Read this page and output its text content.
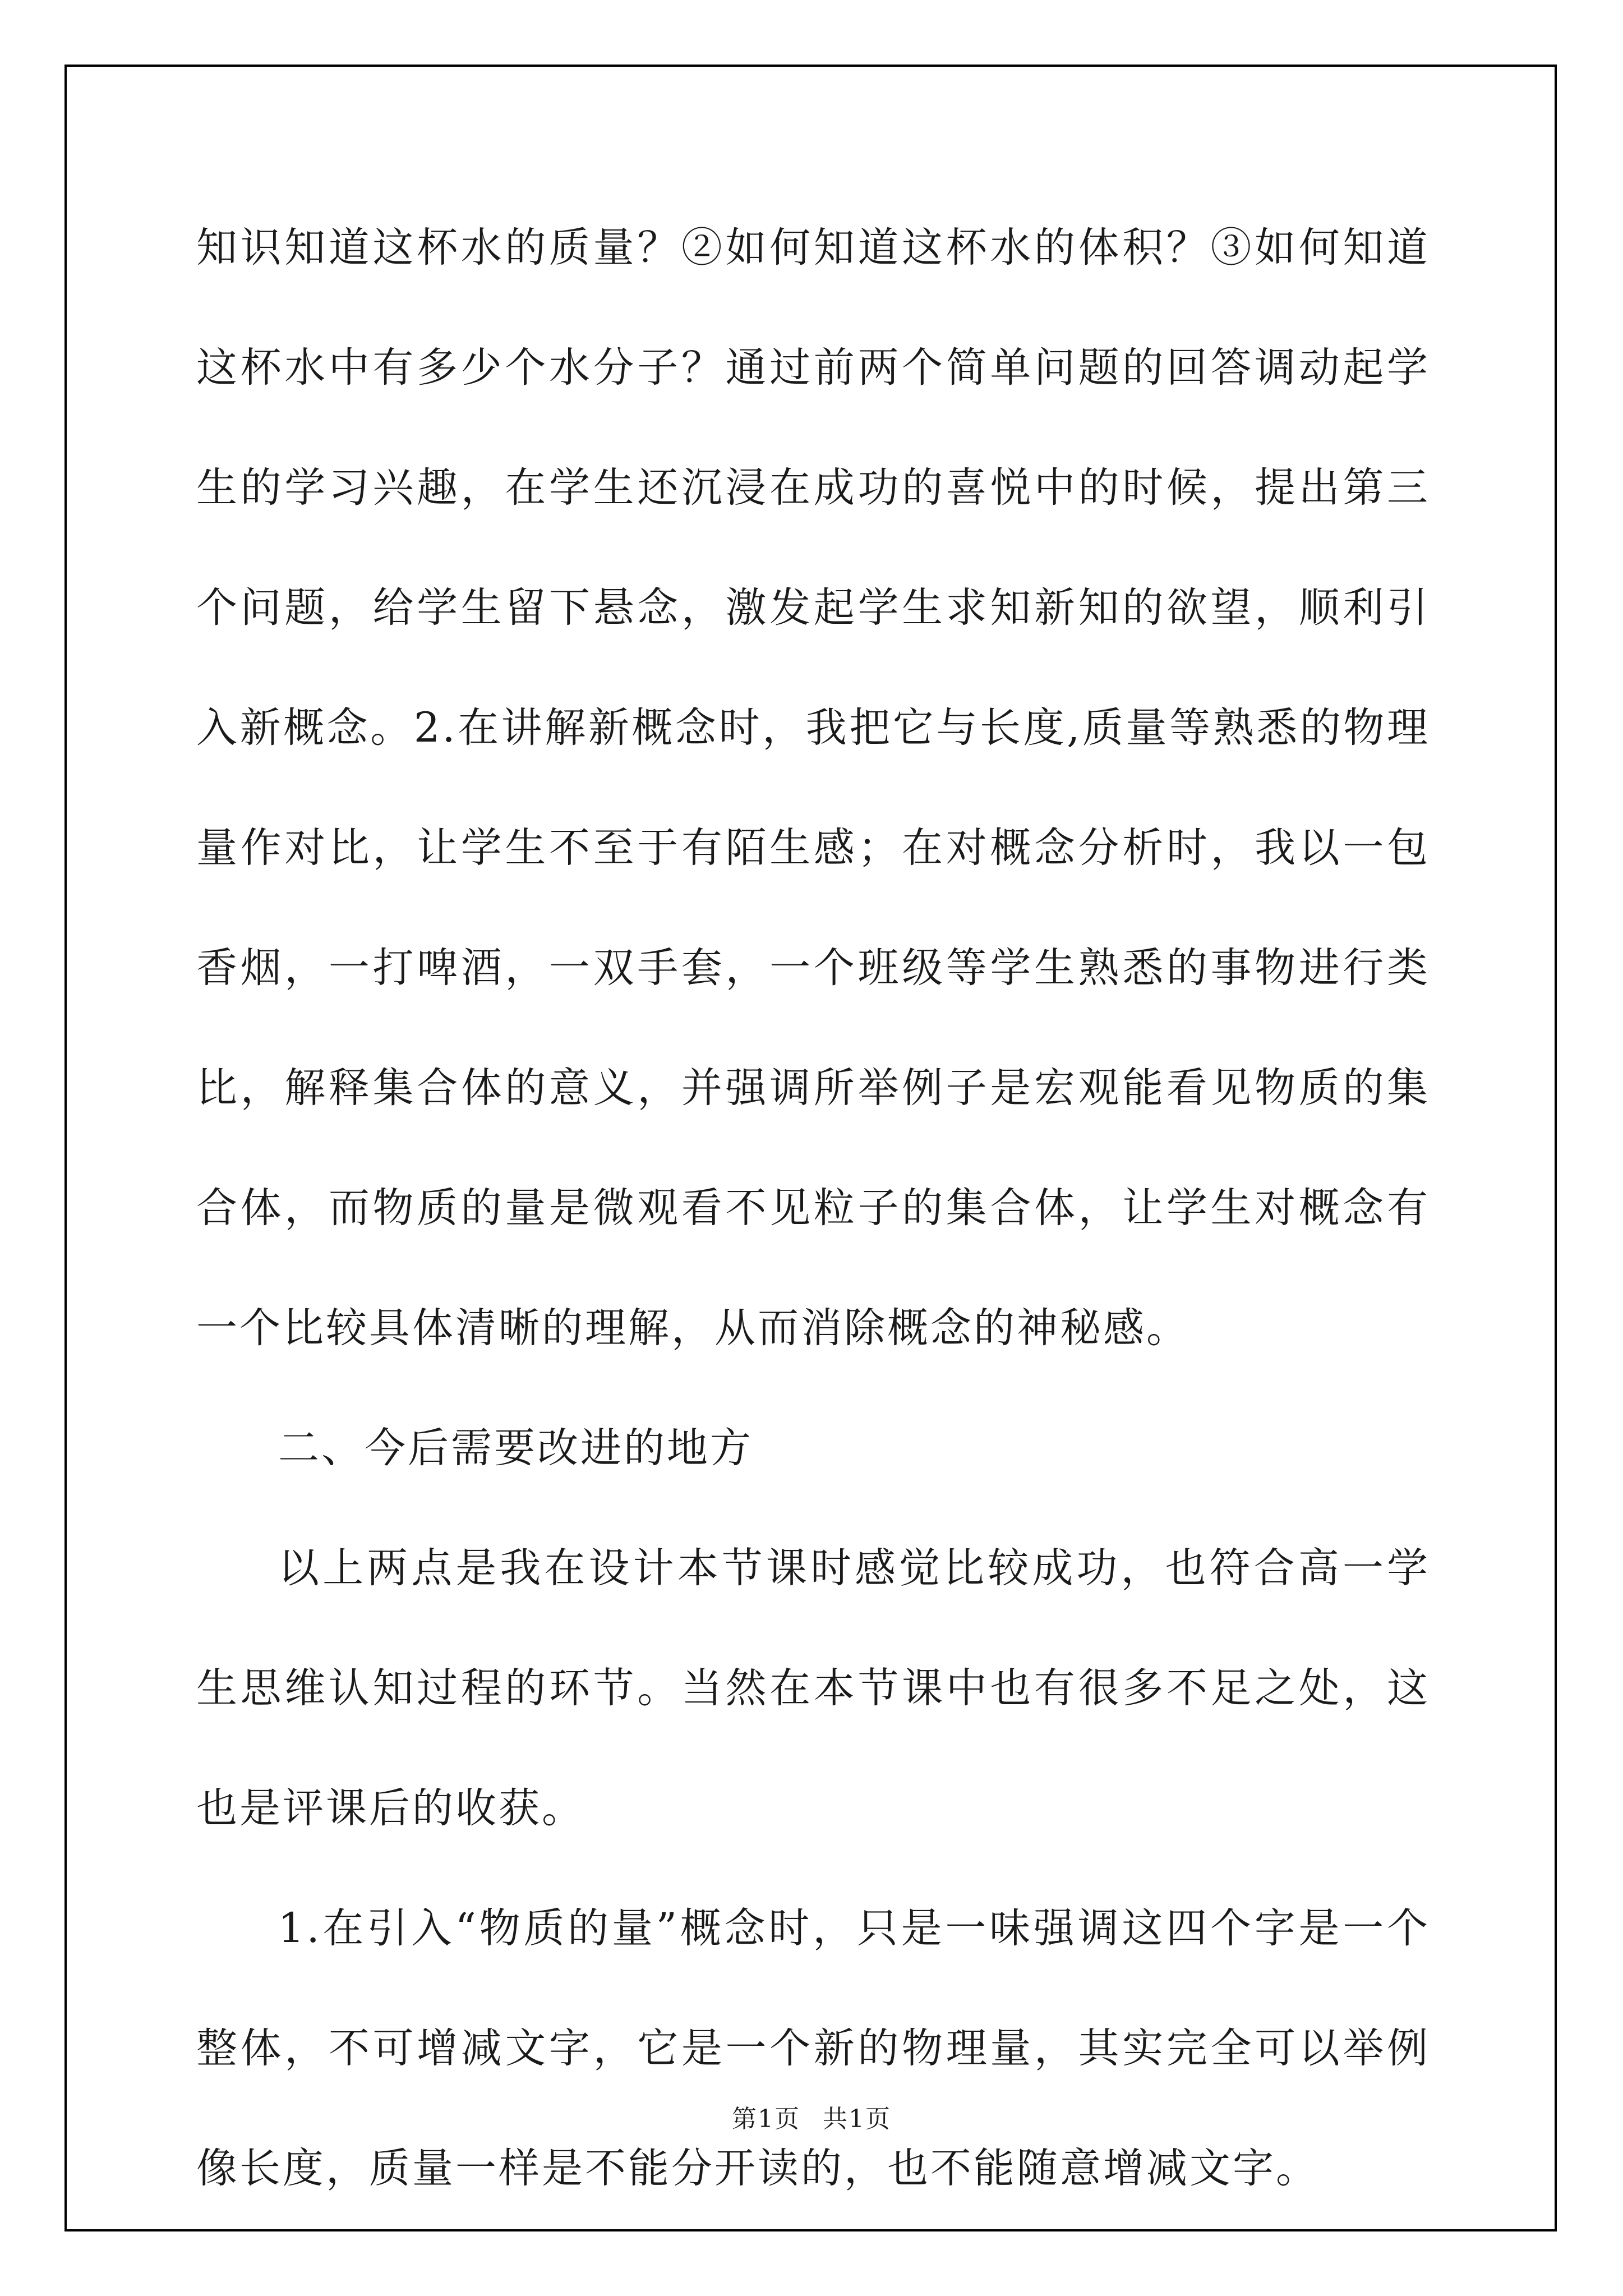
知识知道这杯水的质量？②如何知道这杯水的体积？③如何知道这杯水中有多少个水分子？通过前两个简单问题的回答调动起学生的学习兴趣，在学生还沉浸在成功的喜悦中的时候，提出第三个问题，给学生留下悬念，激发起学生求知新知的欲望，顺利引入新概念。2.在讲解新概念时，我把它与长度,质量等熟悉的物理量作对比，让学生不至于有陌生感；在对概念分析时，我以一包香烟，一打啤酒，一双手套，一个班级等学生熟悉的事物进行类比，解释集合体的意义，并强调所举例子是宏观能看见物质的集合体，而物质的量是微观看不见粒子的集合体，让学生对概念有一个比较具体清晰的理解，从而消除概念的神秘感。

二、今后需要改进的地方

以上两点是我在设计本节课时感觉比较成功，也符合高一学生思维认知过程的环节。当然在本节课中也有很多不足之处，这也是评课后的收获。

1.在引入“物质的量”概念时，只是一味强调这四个字是一个整体，不可增减文字，它是一个新的物理量，其实完全可以举例像长度，质量一样是不能分开读的，也不能随意增减文字。

第1页 共1页
